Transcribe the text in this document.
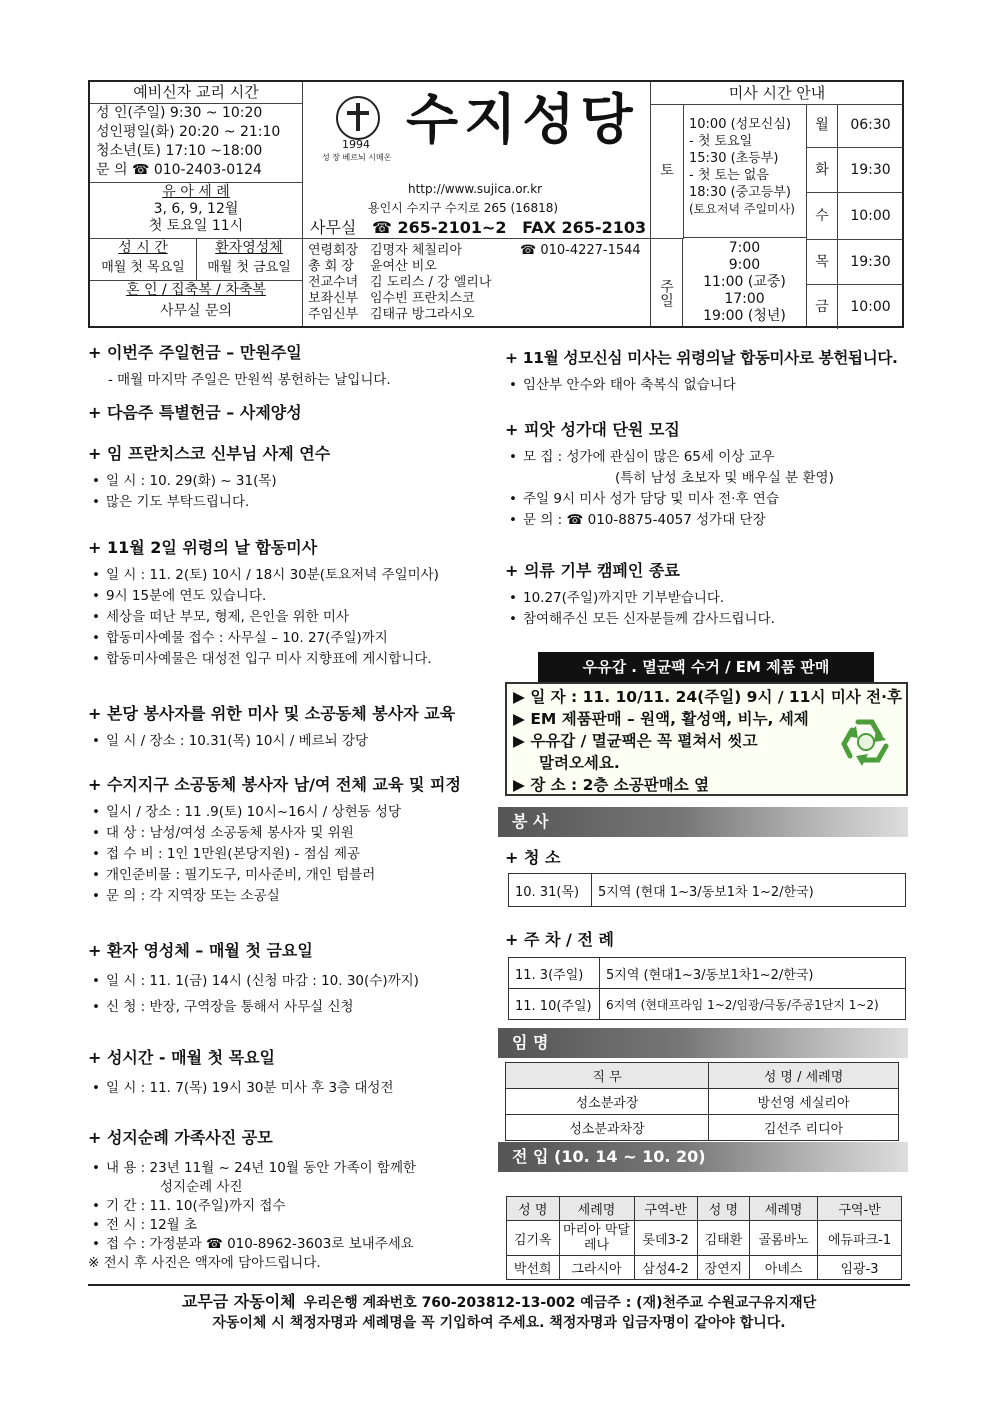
예비신자 교리 시간
성 인(주일) 9:30 ~ 10:20
성인평일(화) 20:20 ~ 21:10
청소년(토) 17:10 ~18:00
문 의 ☎ 010-2403-0124
유 아 세 례
3, 6, 9, 12월
첫 토요일 11시
성 시 간
매월 첫 목요일
환자영성체
매월 첫 금요일
혼 인 / 집축복 / 차축복
사무실 문의
1994
성 장 베르뇌 시메온
수지성당
http://www.sujica.or.kr
용인시 수지구 수지로 265 (16818)
사무실 ☎ 265-2101~2 FAX 265-2103
연령회장 김명자 체칠리아	☎ 010-4227-1544
총 회 장 윤여산 비오
전교수녀 김 도리스 / 강 엘리나
보좌신부 임수빈 프란치스코
주임신부 김태규 방그라시오
미사 시간 안내
토
10:00 (성모신심)
- 첫 토요일
15:30 (초등부)
- 첫 토는 없음
18:30 (중고등부)
(토요저녁 주일미사)
주일
7:00
9:00
11:00 (교중)
17:00
19:00 (청년)
월	06:30
화	19:30
수	10:00
목	19:30
금	10:00
+ 이번주 주일헌금 – 만원주일
- 매월 마지막 주일은 만원씩 봉헌하는 날입니다.
+ 다음주 특별헌금 – 사제양성
+ 임 프란치스코 신부님 사제 연수
• 일 시 : 10. 29(화) ~ 31(목)
• 많은 기도 부탁드립니다.
+ 11월 2일 위령의 날 합동미사
• 일 시 : 11. 2(토) 10시 / 18시 30분(토요저녁 주일미사)
• 9시 15분에 연도 있습니다.
• 세상을 떠난 부모, 형제, 은인을 위한 미사
• 합동미사예물 접수 : 사무실 – 10. 27(주일)까지
• 합동미사예물은 대성전 입구 미사 지향표에 게시합니다.
+ 본당 봉사자를 위한 미사 및 소공동체 봉사자 교육
• 일 시 / 장소 : 10.31(목) 10시 / 베르뇌 강당
+ 수지지구 소공동체 봉사자 남/여 전체 교육 및 피정
• 일시 / 장소 : 11 .9(토) 10시~16시 / 상현동 성당
• 대 상 : 남성/여성 소공동체 봉사자 및 위원
• 접 수 비 : 1인 1만원(본당지원) - 점심 제공
• 개인준비물 : 필기도구, 미사준비, 개인 텀블러
• 문 의 : 각 지역장 또는 소공실
+ 환자 영성체 – 매월 첫 금요일
• 일 시 : 11. 1(금) 14시 (신청 마감 : 10. 30(수)까지)
• 신 청 : 반장, 구역장을 통해서 사무실 신청
+ 성시간 - 매월 첫 목요일
• 일 시 : 11. 7(목) 19시 30분 미사 후 3층 대성전
+ 성지순례 가족사진 공모
• 내 용 : 23년 11월 ~ 24년 10월 동안 가족이 함께한
성지순례 사진
• 기 간 : 11. 10(주일)까지 접수
• 전 시 : 12월 초
• 접 수 : 가정분과 ☎ 010-8962-3603로 보내주세요
※ 전시 후 사진은 액자에 담아드립니다.
+ 11월 성모신심 미사는 위령의날 합동미사로 봉헌됩니다.
• 임산부 안수와 태아 축복식 없습니다
+ 피앗 성가대 단원 모집
• 모 집 : 성가에 관심이 많은 65세 이상 교우
(특히 남성 초보자 및 배우실 분 환영)
• 주일 9시 미사 성가 담당 및 미사 전·후 연습
• 문 의 : ☎ 010-8875-4057 성가대 단장
+ 의류 기부 캠페인 종료
• 10.27(주일)까지만 기부받습니다.
• 참여해주신 모든 신자분들께 감사드립니다.
우유갑 . 멸균팩 수거 / EM 제품 판매
▶ 일 자 : 11. 10/11. 24(주일) 9시 / 11시 미사 전·후
▶ EM 제품판매 – 원액, 활성액, 비누, 세제
▶ 우유갑 / 멸균팩은 꼭 펼쳐서 씻고
말려오세요.
▶ 장 소 : 2층 소공판매소 옆
봉 사
+ 청 소
10. 31(목)	5지역 (현대 1~3/동보1차 1~2/한국)
+ 주 차 / 전 례
11. 3(주일)	5지역 (현대1~3/동보1차1~2/한국)
11. 10(주일)	6지역 (현대프라임 1~2/임광/극동/주공1단지 1~2)
임 명
직 무	성 명 / 세례명
성소분과장	방선영 세실리아
성소분과차장	김선주 리디아
전 입 (10. 14 ~ 10. 20)
성 명	세례명	구역-반	성 명	세례명	구역-반
김기옥	마리아 막달레나	롯데3-2	김태환	골롬바노	에듀파크-1
박선희	그라시아	삼성4-2	장연지	아녜스	임광-3
교무금 자동이체 우리은행 계좌번호 760-203812-13-002 예금주 : (재)천주교 수원교구유지재단
자동이체 시 책정자명과 세례명을 꼭 기입하여 주세요. 책정자명과 입금자명이 같아야 합니다.
